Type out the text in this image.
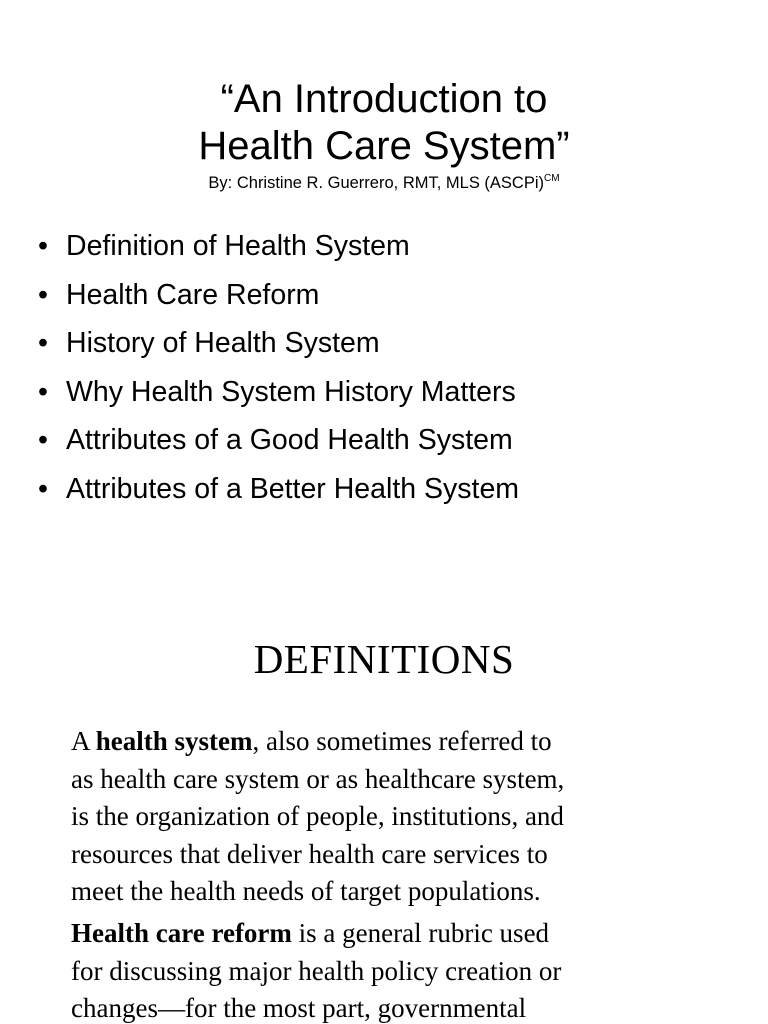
“An Introduction to
Health Care System”
By: Christine R. Guerrero, RMT, MLS (ASCPi)$^{CM}$
• Definition of Health System
• Health Care Reform
• History of Health System
• Why Health System History Matters
• Attributes of a Good Health System
• Attributes of a Better Health System
DEFINITIONS
A health system, also sometimes referred to
as health care system or as healthcare system,
is the organization of people, institutions, and
resources that deliver health care services to
meet the health needs of target populations.
Health care reform is a general rubric used
for discussing major health policy creation or
changes—for the most part, governmental
